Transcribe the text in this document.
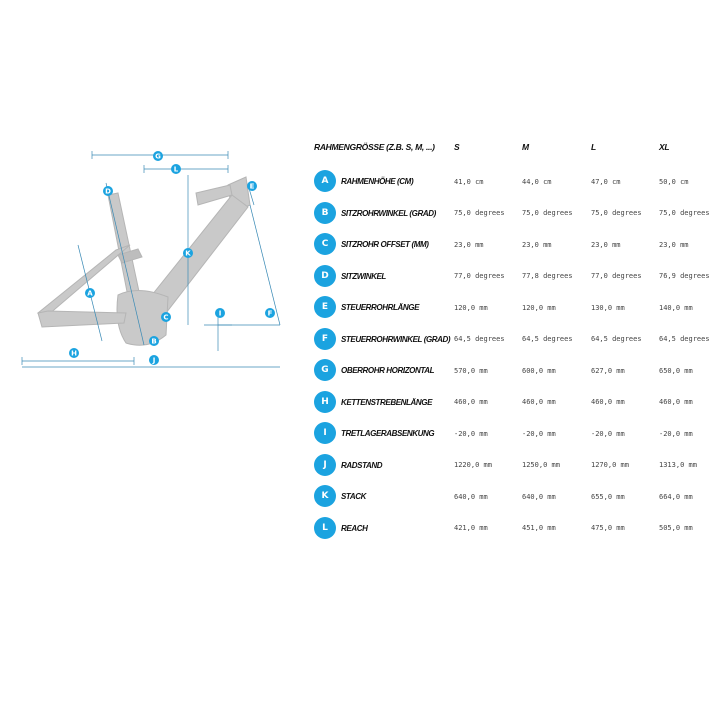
G
L
D
E
K
A
C	I	F
B
H
J
RAHMENGRÖSSE (Z.B. S, M, ...) S	M	L	XL
A	RAHMENHÖHE (CM)	41,0 cm	44,0 cm	47,0 cm	50,0 cm
B	SITZROHRWINKEL (GRAD)	75,0 degrees 75,0 degrees	75,0 degrees 75,0 degrees
C	SITZROHR OFFSET (MM)	23,0 mm	23,0 mm	23,0 mm	23,0 mm
D	SITZWINKEL	77,0 degrees 77,8 degrees	77,0 degrees 76,9 degrees
E	STEUERROHRLÄNGE	120,0 mm	120,0 mm	130,0 mm	140,0 mm
F	STEUERROHRWINKEL (GRAD) 64,5 degrees 64,5 degrees	64,5 degrees 64,5 degrees
G	OBERROHR HORIZONTAL	570,0 mm	600,0 mm	627,0 mm	650,0 mm
H	KETTENSTREBENLÄNGE	460,0 mm	460,0 mm	460,0 mm	460,0 mm
I	TRETLAGERABSENKUNG	-20,0 mm	-20,0 mm	-20,0 mm	-20,0 mm
J	RADSTAND	1220,0 mm	1250,0 mm	1270,0 mm	1313,0 mm
K	STACK	640,0 mm	640,0 mm	655,0 mm	664,0 mm
L	REACH	421,0 mm	451,0 mm	475,0 mm	505,0 mm
